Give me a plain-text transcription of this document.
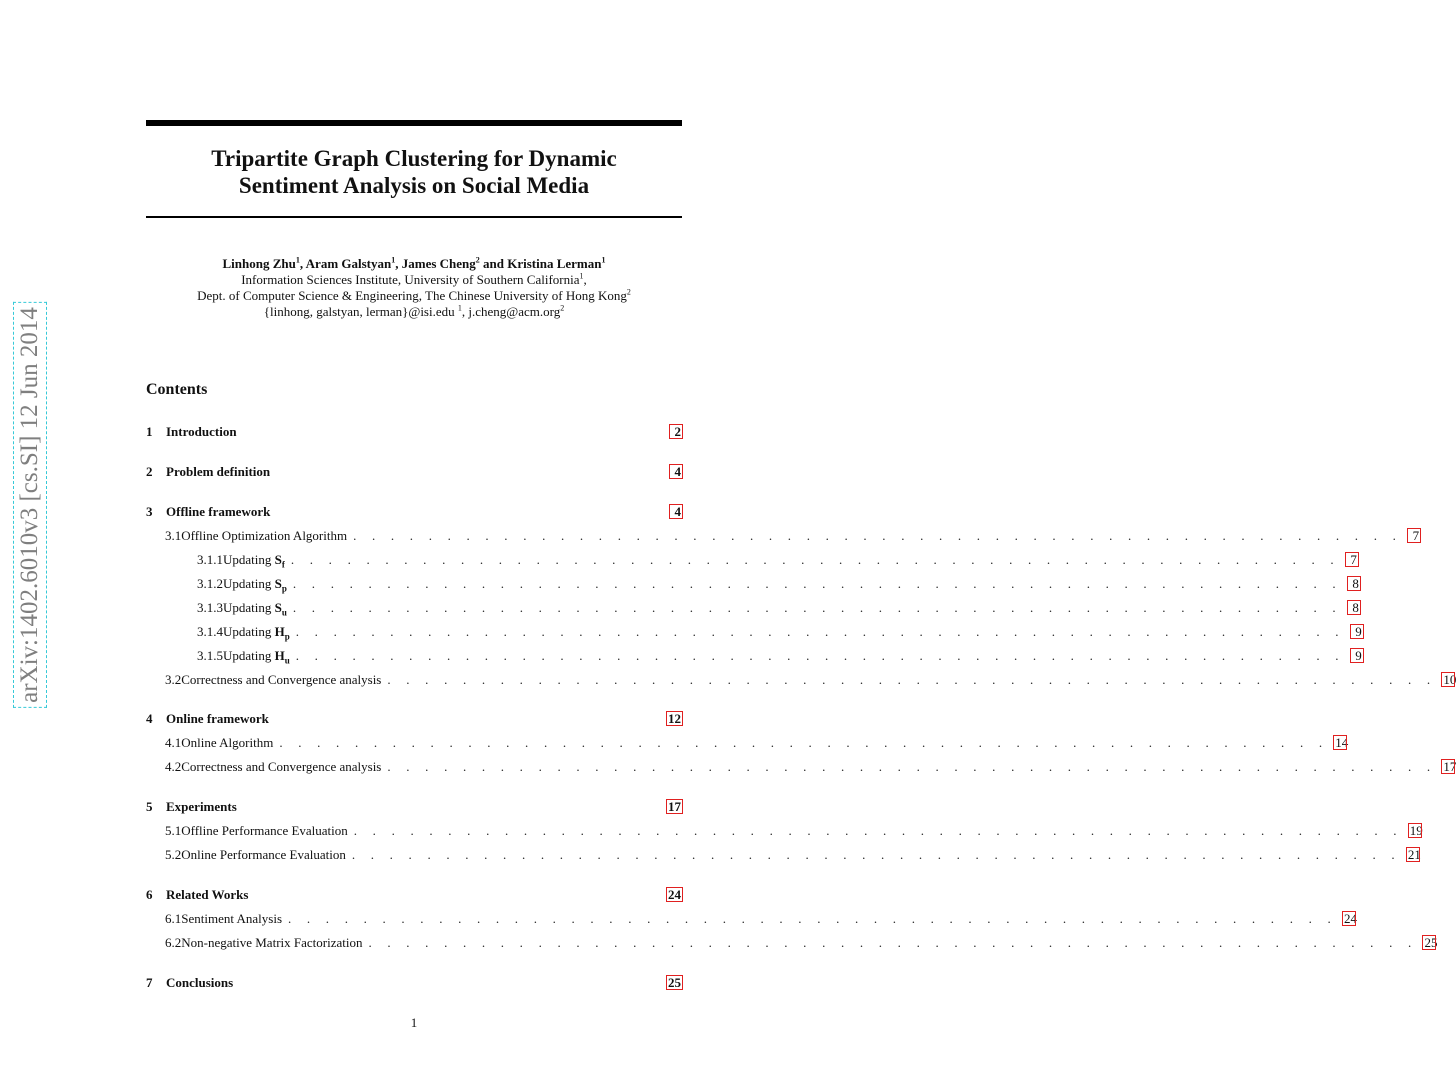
Tripartite Graph Clustering for Dynamic
Sentiment Analysis on Social Media
Linhong Zhu$^1$, Aram Galstyan$^1$, James Cheng$^2$ and Kristina Lerman$^1$
Information Sciences Institute, University of Southern California$^1$,
Dept. of Computer Science & Engineering, The Chinese University of Hong Kong$^2$
{linhong, galstyan, lerman}@isi.edu $^1$, j.cheng@acm.org$^2$
arXiv:1402.6010v3 [cs.SI] 12 Jun 2014	Contents
1	Introduction	2
2	Problem definition	4
3	Offline framework	4
3.1 Offline Optimization Algorithm . . . . . . . . . . . . . . . . . . . . . . . . . . . . . . . . . . . . . . . . . . . . . . . . . . . . . . . . 7
3.1.1 Updating $S_f$ . . . . . . . . . . . . . . . . . . . . . . . . . . . . . . . . . . . . . . . . . . . . . . . . . . . . . . . . 7
3.1.2 Updating $S_p$ . . . . . . . . . . . . . . . . . . . . . . . . . . . . . . . . . . . . . . . . . . . . . . . . . . . . . . . . 8
3.1.3 Updating $S_u$ . . . . . . . . . . . . . . . . . . . . . . . . . . . . . . . . . . . . . . . . . . . . . . . . . . . . . . . . 8
3.1.4 Updating $H_p$ . . . . . . . . . . . . . . . . . . . . . . . . . . . . . . . . . . . . . . . . . . . . . . . . . . . . . . . . 9
3.1.5 Updating $H_u$ . . . . . . . . . . . . . . . . . . . . . . . . . . . . . . . . . . . . . . . . . . . . . . . . . . . . . . . . 9
3.2 Correctness and Convergence analysis . . . . . . . . . . . . . . . . . . . . . . . . . . . . . . . . . . . . . . . . . . . . . . . . . . . . . . . . 10
4	Online framework	12
4.1 Online Algorithm . . . . . . . . . . . . . . . . . . . . . . . . . . . . . . . . . . . . . . . . . . . . . . . . . . . . . . . . 14
4.2 Correctness and Convergence analysis . . . . . . . . . . . . . . . . . . . . . . . . . . . . . . . . . . . . . . . . . . . . . . . . . . . . . . . . 17
5	Experiments	17
5.1 Offline Performance Evaluation . . . . . . . . . . . . . . . . . . . . . . . . . . . . . . . . . . . . . . . . . . . . . . . . . . . . . . . . 19
5.2 Online Performance Evaluation . . . . . . . . . . . . . . . . . . . . . . . . . . . . . . . . . . . . . . . . . . . . . . . . . . . . . . . . 21
6	Related Works	24
6.1 Sentiment Analysis . . . . . . . . . . . . . . . . . . . . . . . . . . . . . . . . . . . . . . . . . . . . . . . . . . . . . . . . 24
6.2 Non-negative Matrix Factorization . . . . . . . . . . . . . . . . . . . . . . . . . . . . . . . . . . . . . . . . . . . . . . . . . . . . . . . . 25
7	Conclusions	25
1
